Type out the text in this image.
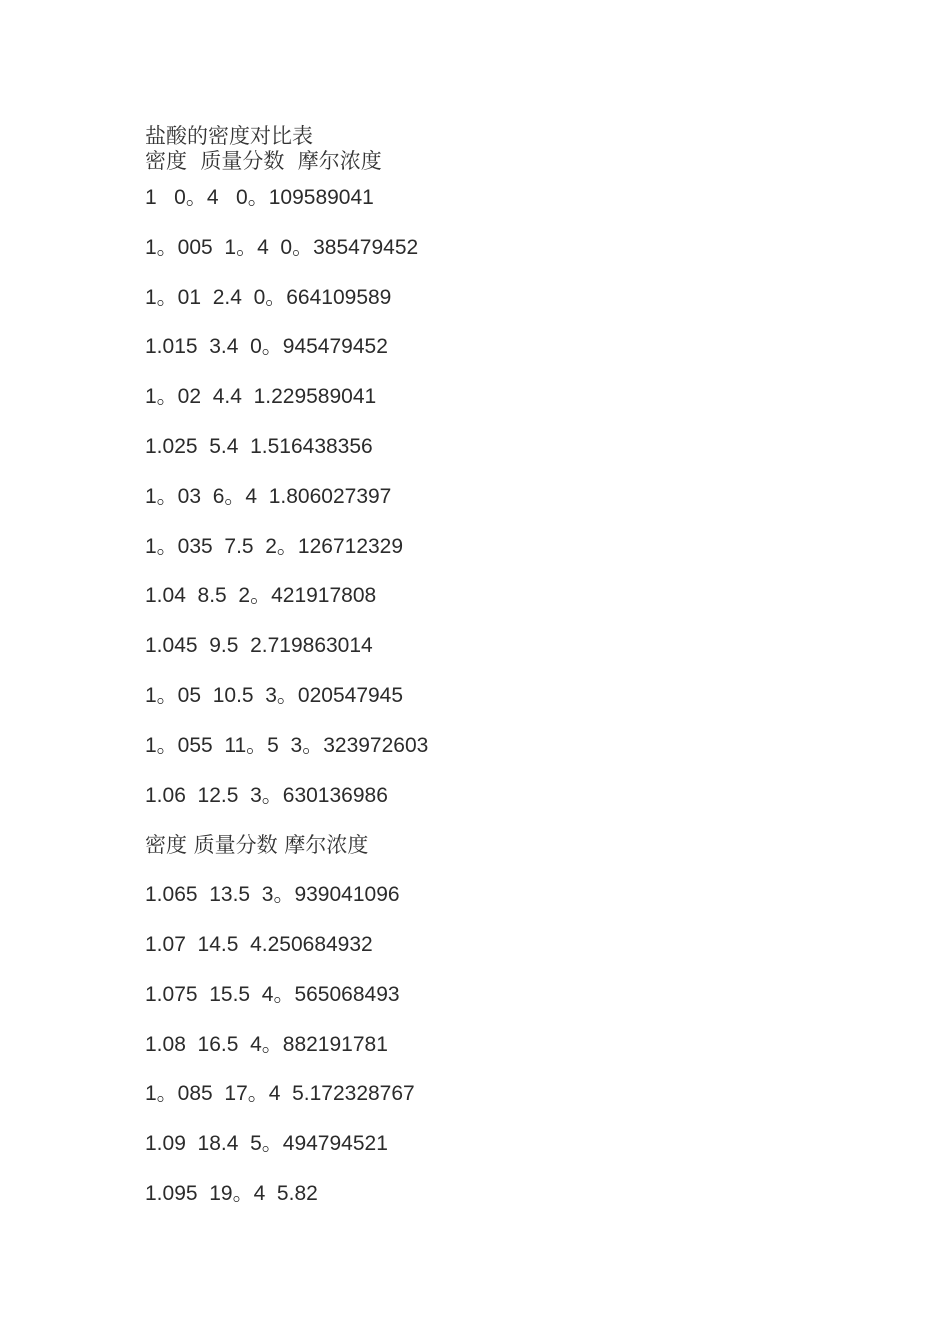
盐酸的密度对比表
密度  质量分数  摩尔浓度
1   0。4   0。109589041
1。005  1。4  0。385479452
1。01  2.4  0。664109589
1.015  3.4  0。945479452
1。02  4.4  1.229589041
1.025  5.4  1.516438356
1。03  6。4  1.806027397
1。035  7.5  2。126712329
1.04  8.5  2。421917808
1.045  9.5  2.719863014
1。05  10.5  3。020547945
1。055  11。5  3。323972603
1.06  12.5  3。630136986
密度 质量分数 摩尔浓度
1.065  13.5  3。939041096
1.07  14.5  4.250684932
1.075  15.5  4。565068493
1.08  16.5  4。882191781
1。085  17。4  5.172328767
1.09  18.4  5。494794521
1.095  19。4  5.82
